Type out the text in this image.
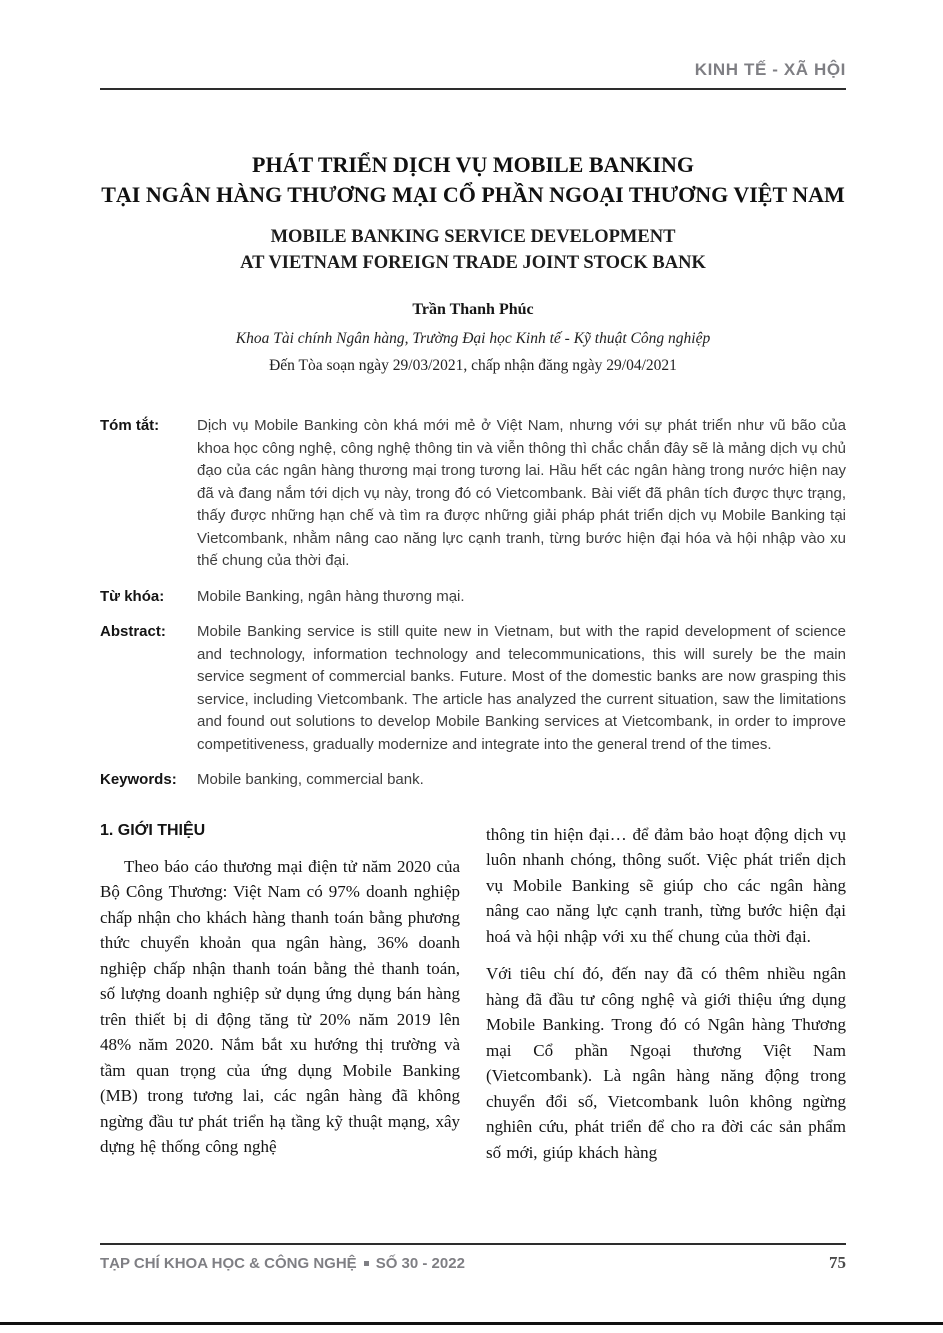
KINH TẾ - XÃ HỘI
PHÁT TRIỂN DỊCH VỤ MOBILE BANKING
TẠI NGÂN HÀNG THƯƠNG MẠI CỔ PHẦN NGOẠI THƯƠNG VIỆT NAM
MOBILE BANKING SERVICE DEVELOPMENT
AT VIETNAM FOREIGN TRADE JOINT STOCK BANK
Trần Thanh Phúc
Khoa Tài chính Ngân hàng, Trường Đại học Kinh tế - Kỹ thuật Công nghiệp
Đến Tòa soạn ngày 29/03/2021, chấp nhận đăng ngày 29/04/2021
Tóm tắt:	Dịch vụ Mobile Banking còn khá mới mẻ ở Việt Nam, nhưng với sự phát triển như vũ bão của khoa học công nghệ, công nghệ thông tin và viễn thông thì chắc chắn đây sẽ là mảng dịch vụ chủ đạo của các ngân hàng thương mại trong tương lai. Hầu hết các ngân hàng trong nước hiện nay đã và đang nắm tới dịch vụ này, trong đó có Vietcombank. Bài viết đã phân tích được thực trạng, thấy được những hạn chế và tìm ra được những giải pháp phát triển dịch vụ Mobile Banking tại Vietcombank, nhằm nâng cao năng lực cạnh tranh, từng bước hiện đại hóa và hội nhập vào xu thế chung của thời đại.
Từ khóa:	Mobile Banking, ngân hàng thương mại.
Abstract:	Mobile Banking service is still quite new in Vietnam, but with the rapid development of science and technology, information technology and telecommunications, this will surely be the main service segment of commercial banks. Future. Most of the domestic banks are now grasping this service, including Vietcombank. The article has analyzed the current situation, saw the limitations and found out solutions to develop Mobile Banking services at Vietcombank, in order to improve competitiveness, gradually modernize and integrate into the general trend of the times.
Keywords:	Mobile banking, commercial bank.
1. GIỚI THIỆU

Theo báo cáo thương mại điện tử năm 2020 của Bộ Công Thương: Việt Nam có 97% doanh nghiệp chấp nhận cho khách hàng thanh toán bằng phương thức chuyển khoản qua ngân hàng, 36% doanh nghiệp chấp nhận thanh toán bằng thẻ thanh toán, số lượng doanh nghiệp sử dụng ứng dụng bán hàng trên thiết bị di động tăng từ 20% năm 2019 lên 48% năm 2020. Nắm bắt xu hướng thị trường và tầm quan trọng của ứng dụng Mobile Banking (MB) trong tương lai, các ngân hàng đã không ngừng đầu tư phát triển hạ tầng kỹ thuật mạng, xây dựng hệ thống công nghệ

thông tin hiện đại… để đảm bảo hoạt động dịch vụ luôn nhanh chóng, thông suốt. Việc phát triển dịch vụ Mobile Banking sẽ giúp cho các ngân hàng nâng cao năng lực cạnh tranh, từng bước hiện đại hoá và hội nhập với xu thế chung của thời đại.

Với tiêu chí đó, đến nay đã có thêm nhiều ngân hàng đã đầu tư công nghệ và giới thiệu ứng dụng Mobile Banking. Trong đó có Ngân hàng Thương mại Cổ phần Ngoại thương Việt Nam (Vietcombank). Là ngân hàng năng động trong chuyển đổi số, Vietcombank luôn không ngừng nghiên cứu, phát triển để cho ra đời các sản phẩm số mới, giúp khách hàng

TẠP CHÍ KHOA HỌC & CÔNG NGHỆ SỐ 30 - 2022	75
